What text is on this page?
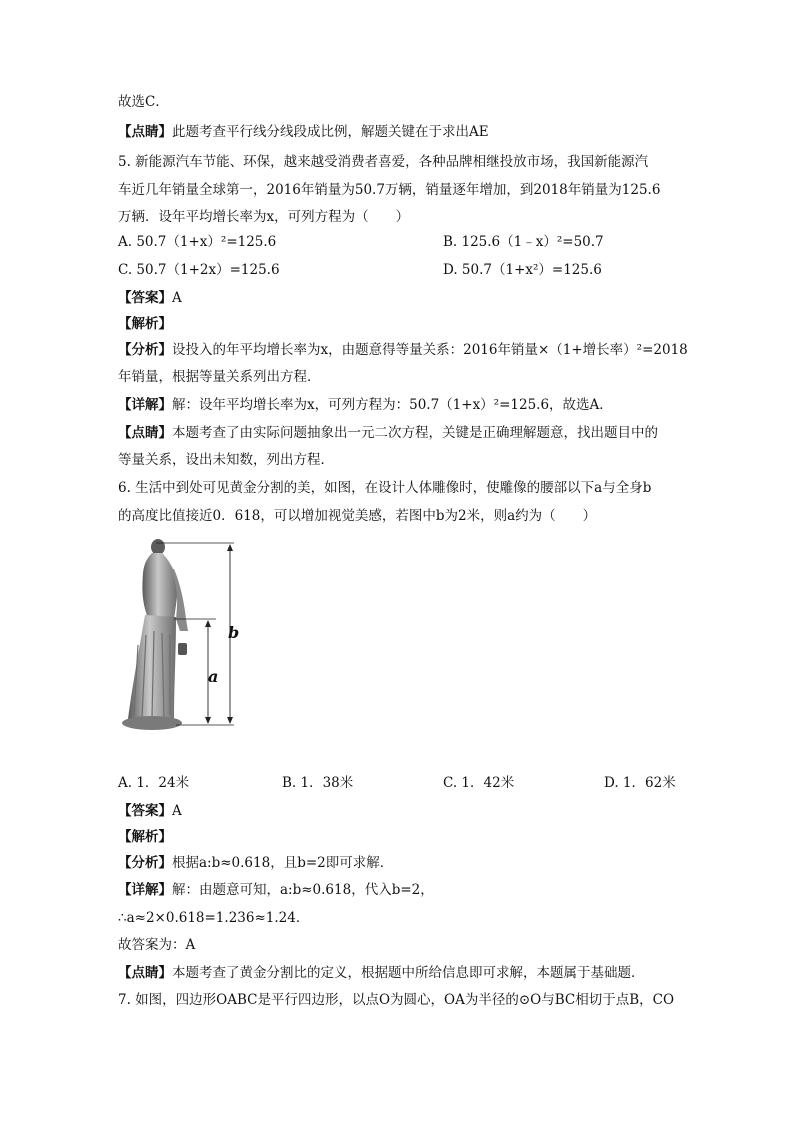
故选C．
【点睛】此题考查平行线分线段成比例，解题关键在于求出AE
5. 新能源汽车节能、环保，越来越受消费者喜爱，各种品牌相继投放市场，我国新能源汽
车近几年销量全球第一，2016年销量为50.7万辆，销量逐年增加，到2018年销量为125.6
万辆．设年平均增长率为x，可列方程为（　　）
A. 50.7（1+x）²=125.6	B. 125.6（1﹣x）²=50.7
C. 50.7（1+2x）=125.6	D. 50.7（1+x²）=125.6
【答案】A
【解析】
【分析】设投入的年平均增长率为x，由题意得等量关系：2016年销量×（1+增长率）²=2018
年销量，根据等量关系列出方程．
【详解】解：设年平均增长率为x，可列方程为：50.7（1+x）²=125.6，故选A．
【点睛】本题考查了由实际问题抽象出一元二次方程，关键是正确理解题意，找出题目中的
等量关系，设出未知数，列出方程．
6. 生活中到处可见黄金分割的美，如图，在设计人体雕像时，使雕像的腰部以下a与全身b
的高度比值接近0．618，可以增加视觉美感，若图中b为2米，则a约为（　　）
b
a
A. 1．24米	B. 1．38米	C. 1．42米	D. 1．62米
【答案】A
【解析】
【分析】根据a:b≈0.618，且b=2即可求解．
【详解】解：由题意可知，a:b≈0.618，代入b=2，
∴a≈2×0.618=1.236≈1.24．
故答案为：A
【点睛】本题考查了黄金分割比的定义，根据题中所给信息即可求解，本题属于基础题．
7. 如图，四边形OABC是平行四边形，以点O为圆心，OA为半径的⊙O与BC相切于点B，CO
